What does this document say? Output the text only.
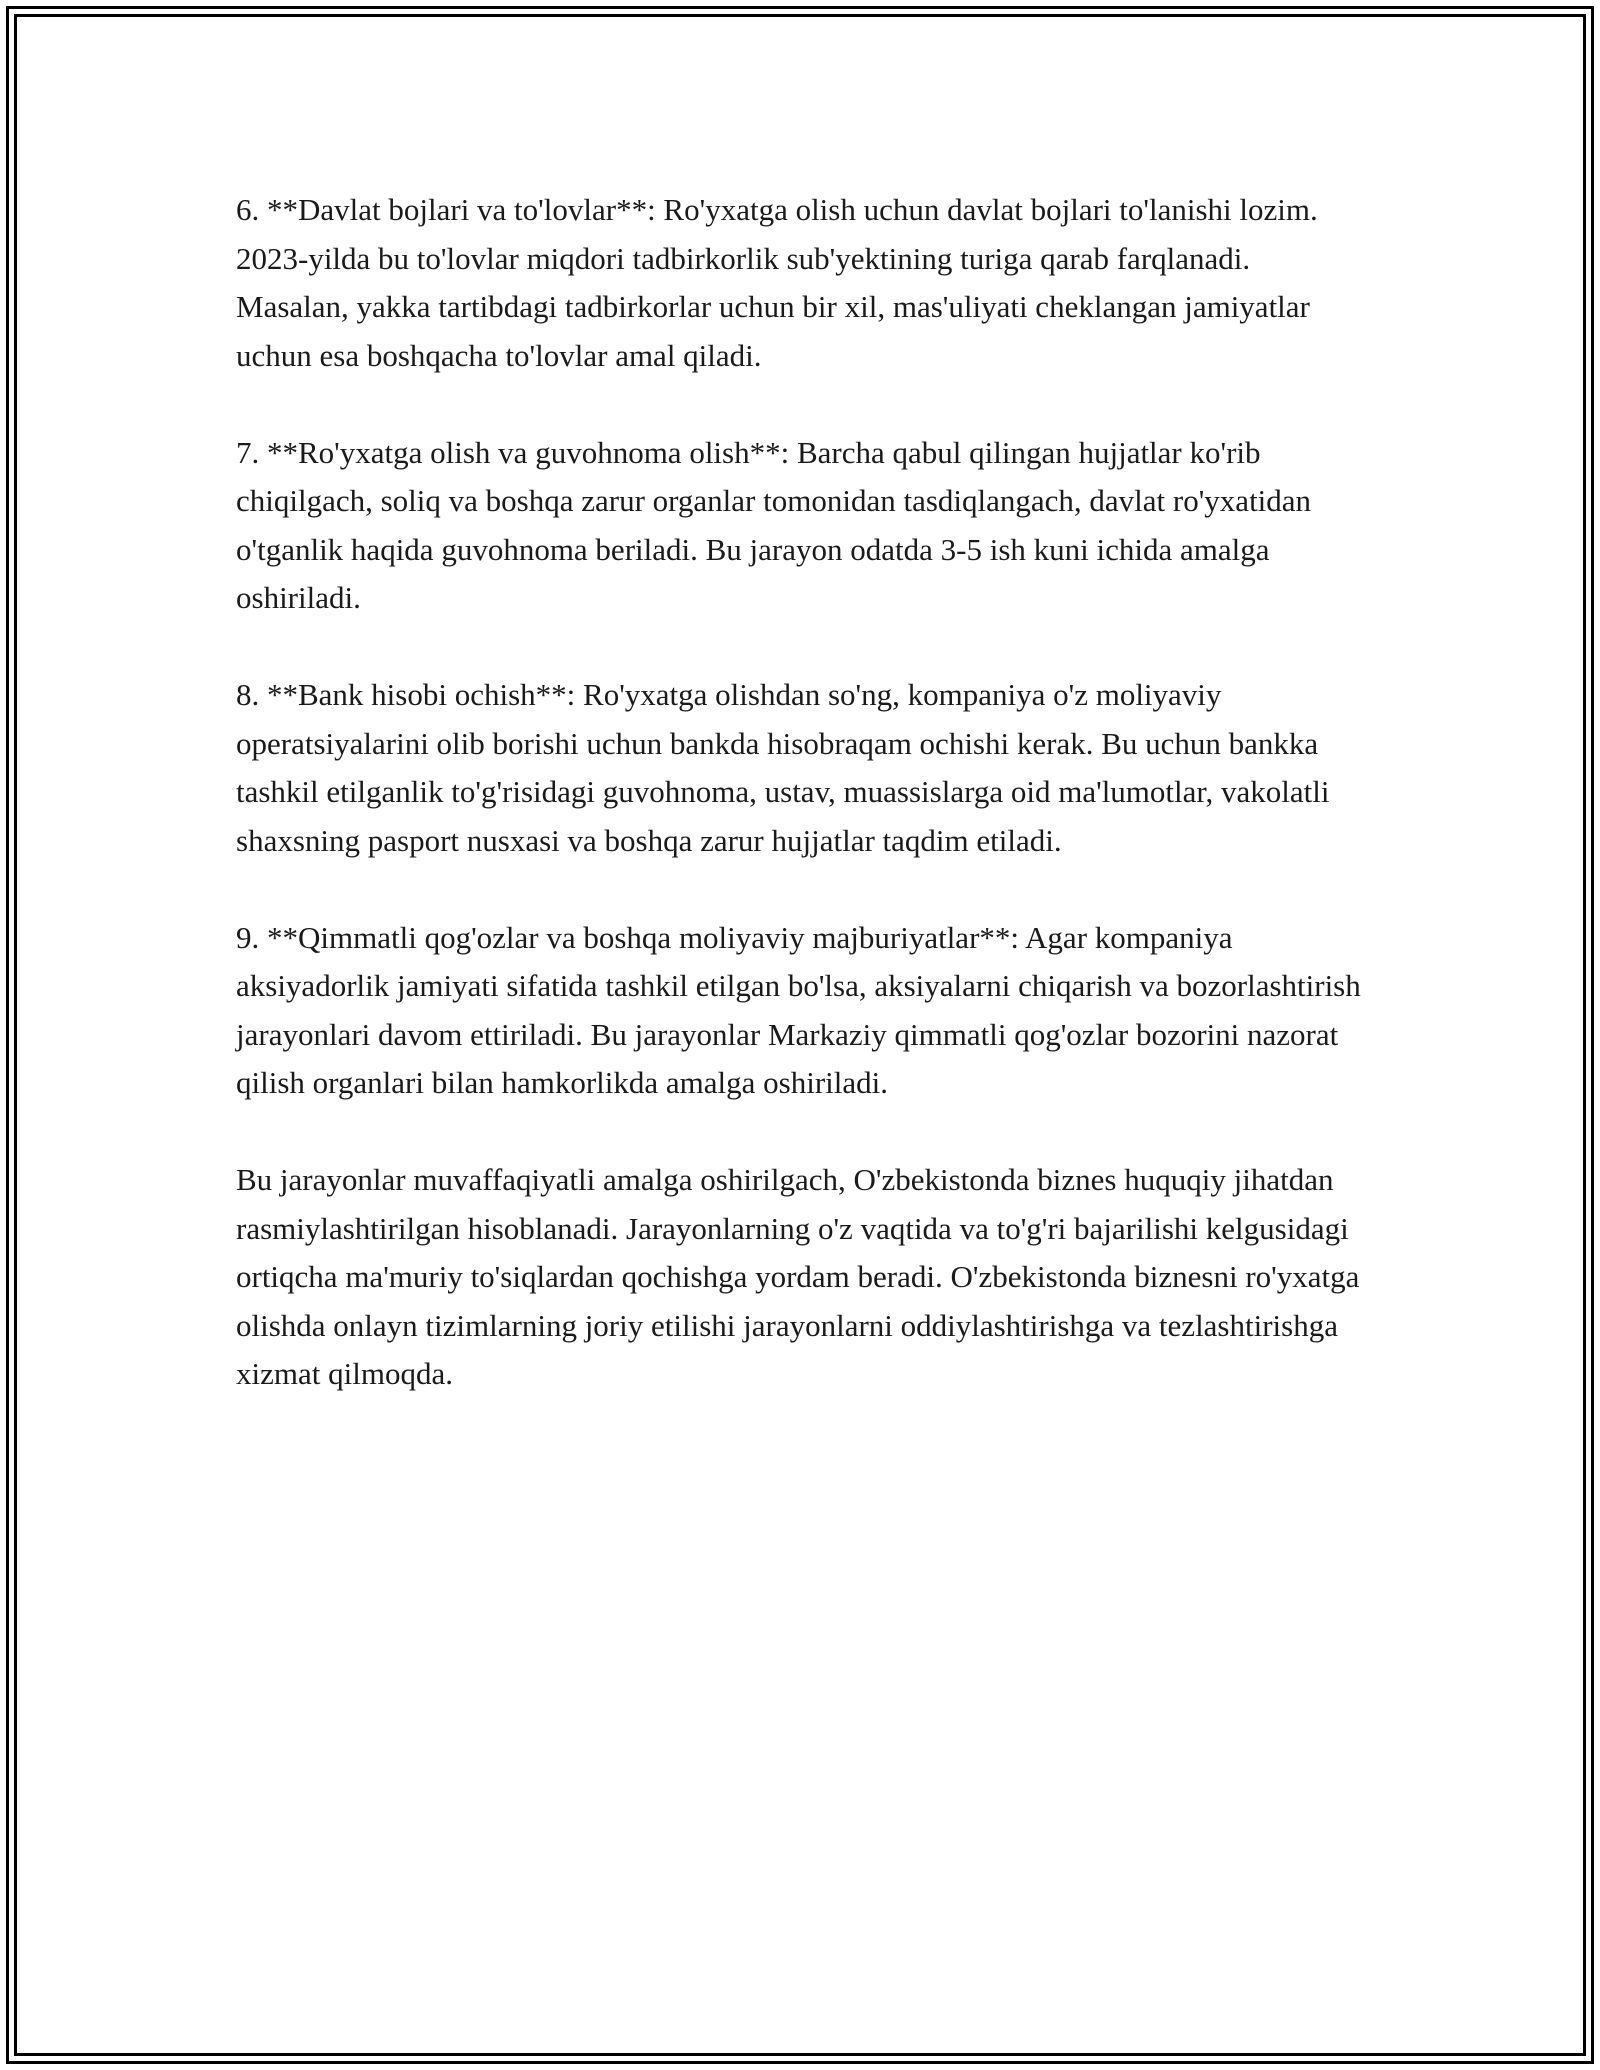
6. **Davlat bojlari va to'lovlar**: Ro'yxatga olish uchun davlat bojlari to'lanishi lozim. 2023-yilda bu to'lovlar miqdori tadbirkorlik sub'yektining turiga qarab farqlanadi. Masalan, yakka tartibdagi tadbirkorlar uchun bir xil, mas'uliyati cheklangan jamiyatlar uchun esa boshqacha to'lovlar amal qiladi.

7. **Ro'yxatga olish va guvohnoma olish**: Barcha qabul qilingan hujjatlar ko'rib chiqilgach, soliq va boshqa zarur organlar tomonidan tasdiqlangach, davlat ro'yxatidan o'tganlik haqida guvohnoma beriladi. Bu jarayon odatda 3-5 ish kuni ichida amalga oshiriladi.

8. **Bank hisobi ochish**: Ro'yxatga olishdan so'ng, kompaniya o'z moliyaviy operatsiyalarini olib borishi uchun bankda hisobraqam ochishi kerak. Bu uchun bankka tashkil etilganlik to'g'risidagi guvohnoma, ustav, muassislarga oid ma'lumotlar, vakolatli shaxsning pasport nusxasi va boshqa zarur hujjatlar taqdim etiladi.

9. **Qimmatli qog'ozlar va boshqa moliyaviy majburiyatlar**: Agar kompaniya aksiyadorlik jamiyati sifatida tashkil etilgan bo'lsa, aksiyalarni chiqarish va bozorlashtirish jarayonlari davom ettiriladi. Bu jarayonlar Markaziy qimmatli qog'ozlar bozorini nazorat qilish organlari bilan hamkorlikda amalga oshiriladi.

Bu jarayonlar muvaffaqiyatli amalga oshirilgach, O'zbekistonda biznes huquqiy jihatdan rasmiylashtirilgan hisoblanadi. Jarayonlarning o'z vaqtida va to'g'ri bajarilishi kelgusidagi ortiqcha ma'muriy to'siqlardan qochishga yordam beradi. O'zbekistonda biznesni ro'yxatga olishda onlayn tizimlarning joriy etilishi jarayonlarni oddiylashtirishga va tezlashtirishga xizmat qilmoqda.
